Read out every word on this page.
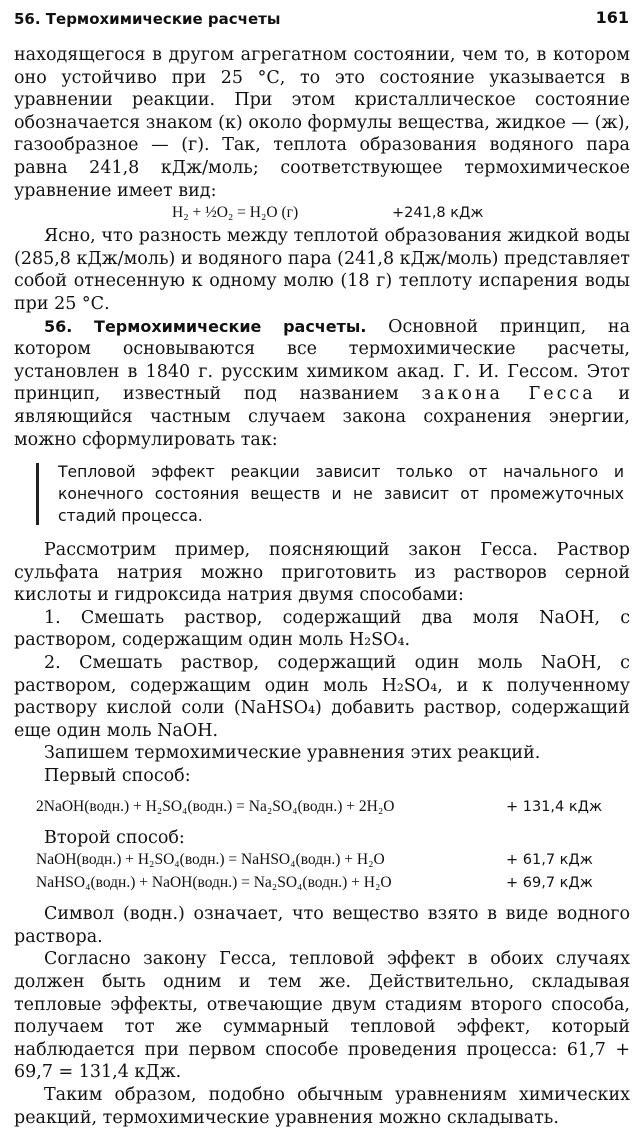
56. Термохимические расчеты	161

находящегося в другом агрегатном состоянии, чем то, в котором оно устойчиво при 25 °С, то это состояние указывается в уравнении реакции. При этом кристаллическое состояние обозначается знаком (к) около формулы вещества, жидкое — (ж), газообразное — (г). Так, теплота образования водяного пара равна 241,8 кДж/моль; соответствующее термохимическое уравнение имеет вид:

H₂ + ½O₂ = H₂O (г)	+241,8 кДж

Ясно, что разность между теплотой образования жидкой воды (285,8 кДж/моль) и водяного пара (241,8 кДж/моль) представляет собой отнесенную к одному молю (18 г) теплоту испарения воды при 25 °С.

56. Термохимические расчеты. Основной принцип, на котором основываются все термохимические расчеты, установлен в 1840 г. русским химиком акад. Г. И. Гессом. Этот принцип, известный под названием закона Гесса и являющийся частным случаем закона сохранения энергии, можно сформулировать так:

Тепловой эффект реакции зависит только от начального и конечного состояния веществ и не зависит от промежуточных стадий процесса.

Рассмотрим пример, поясняющий закон Гесса. Раствор сульфата натрия можно приготовить из растворов серной кислоты и гидроксида натрия двумя способами:

1. Смешать раствор, содержащий два моля NaOH, с раствором, содержащим один моль H₂SO₄.

2. Смешать раствор, содержащий один моль NaOH, с раствором, содержащим один моль H₂SO₄, и к полученному раствору кислой соли (NaHSO₄) добавить раствор, содержащий еще один моль NaOH.

Запишем термохимические уравнения этих реакций.

Первый способ:

2NaOH(водн.) + H₂SO₄(водн.) = Na₂SO₄(водн.) + 2H₂O	+ 131,4 кДж

Второй способ:

NaOH(водн.) + H₂SO₄(водн.) = NaHSO₄(водн.) + H₂O	+ 61,7 кДж
NaHSO₄(водн.) + NaOH(водн.) = Na₂SO₄(водн.) + H₂O	+ 69,7 кДж

Символ (водн.) означает, что вещество взято в виде водного раствора.

Согласно закону Гесса, тепловой эффект в обоих случаях должен быть одним и тем же. Действительно, складывая тепловые эффекты, отвечающие двум стадиям второго способа, получаем тот же суммарный тепловой эффект, который наблюдается при первом способе проведения процесса: 61,7 + 69,7 = 131,4 кДж.

Таким образом, подобно обычным уравнениям химических реакций, термохимические уравнения можно складывать.
